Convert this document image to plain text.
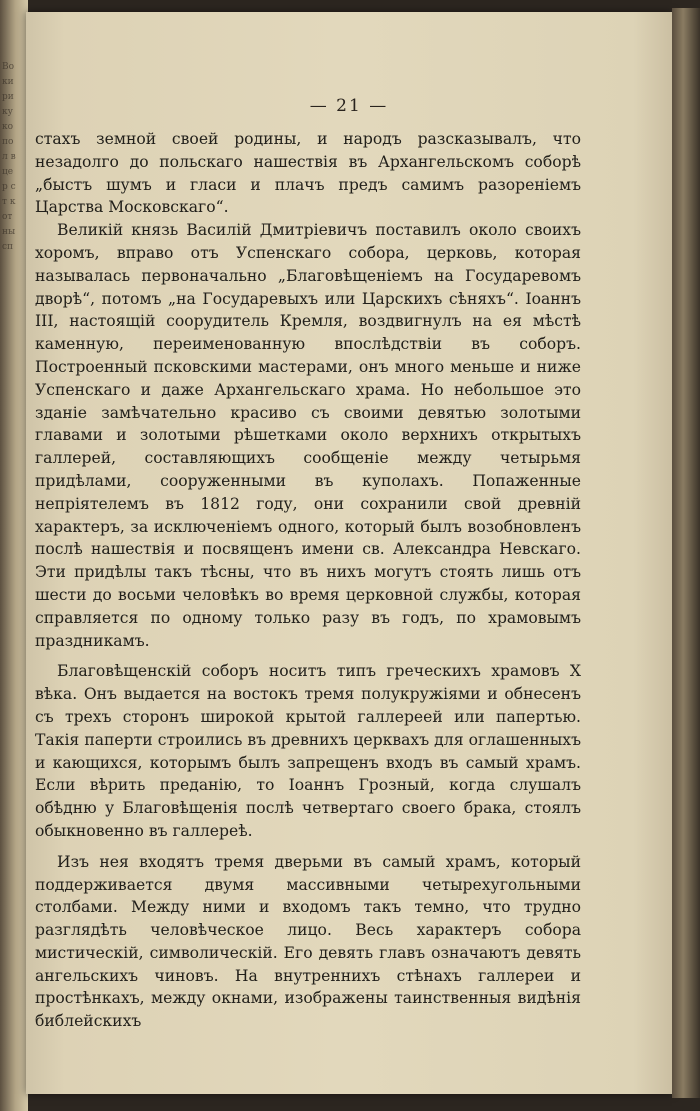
Во ки ри ку ко пол в цер ст кот ны сп
— 21 —

стахъ земной своей родины, и народъ разсказывалъ, что незадолго до польскаго нашествія въ Архангельскомъ соборѣ „быстъ шумъ и гласи и плачъ предъ самимъ разореніемъ Царства Московскаго“.

Великій князь Василій Дмитріевичъ поставилъ около своихъ хоромъ, вправо отъ Успенскаго собора, церковь, которая называлась первоначально „Благовѣщеніемъ на Государевомъ дворѣ“, потомъ „на Государевыхъ или Царскихъ сѣняхъ“. Іоаннъ III, настоящій соорудитель Кремля, воздвигнулъ на ея мѣстѣ каменную, переименованную впослѣдствіи въ соборъ. Построенный псковскими мастерами, онъ много меньше и ниже Успенскаго и даже Архангельскаго храма. Но небольшое это зданіе замѣчательно красиво съ своими девятью золотыми главами и золотыми рѣшетками около верхнихъ открытыхъ галлерей, составляющихъ сообщеніе между четырьмя придѣлами, сооруженными въ куполахъ. Попаженные непріятелемъ въ 1812 году, они сохранили свой древній характеръ, за исключеніемъ одного, который былъ возобновленъ послѣ нашествія и посвященъ имени св. Александра Невскаго. Эти придѣлы такъ тѣсны, что въ нихъ могутъ стоять лишь отъ шести до восьми человѣкъ во время церковной службы, которая справляется по одному только разу въ годъ, по храмовымъ праздникамъ.

Благовѣщенскій соборъ носитъ типъ греческихъ храмовъ X вѣка. Онъ выдается на востокъ тремя полукружіями и обнесенъ съ трехъ сторонъ широкой крытой галлереей или папертью. Такія паперти строились въ древнихъ церквахъ для оглашенныхъ и кающихся, которымъ былъ запрещенъ входъ въ самый храмъ. Если вѣрить преданію, то Іоаннъ Грозный, когда слушалъ обѣдню у Благовѣщенія послѣ четвертаго своего брака, стоялъ обыкновенно въ галлереѣ.

Изъ нея входятъ тремя дверьми въ самый храмъ, который поддерживается двумя массивными четырехугольными столбами. Между ними и входомъ такъ темно, что трудно разглядѣть человѣческое лицо. Весь характеръ собора мистическій, символическій. Его девять главъ означаютъ девять ангельскихъ чиновъ. На внутреннихъ стѣнахъ галлереи и простѣнкахъ, между окнами, изображены таинственныя видѣнія библейскихъ
